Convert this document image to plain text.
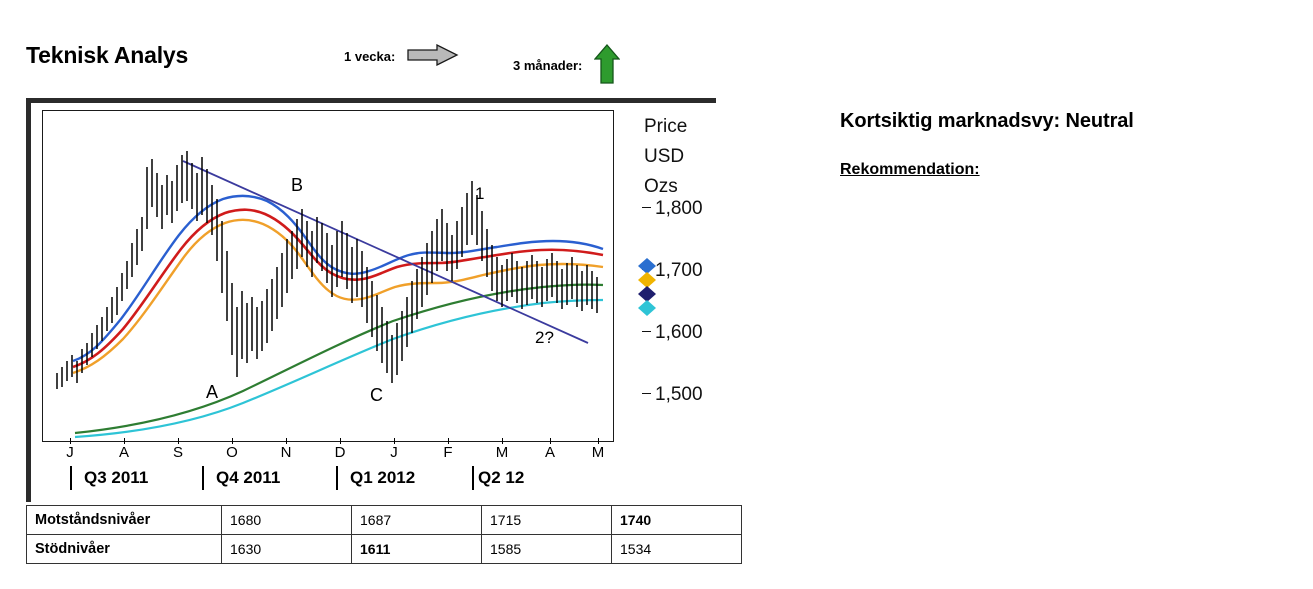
Teknisk Analys	1 vecka:
3 månader:
B
A	C
1
2?
Price
USD
Ozs
1,800
1,700
1,600
1,500
J	A	S	O	N	D	J	F	M	A	M
Q3 2011	Q4 2011	Q1 2012	Q2 12
Motståndsnivåer	1680	1687	1715	1740
Stödnivåer	1630	1611	1585	1534
Kortsiktig marknadsvy: Neutral
Rekommendation:
